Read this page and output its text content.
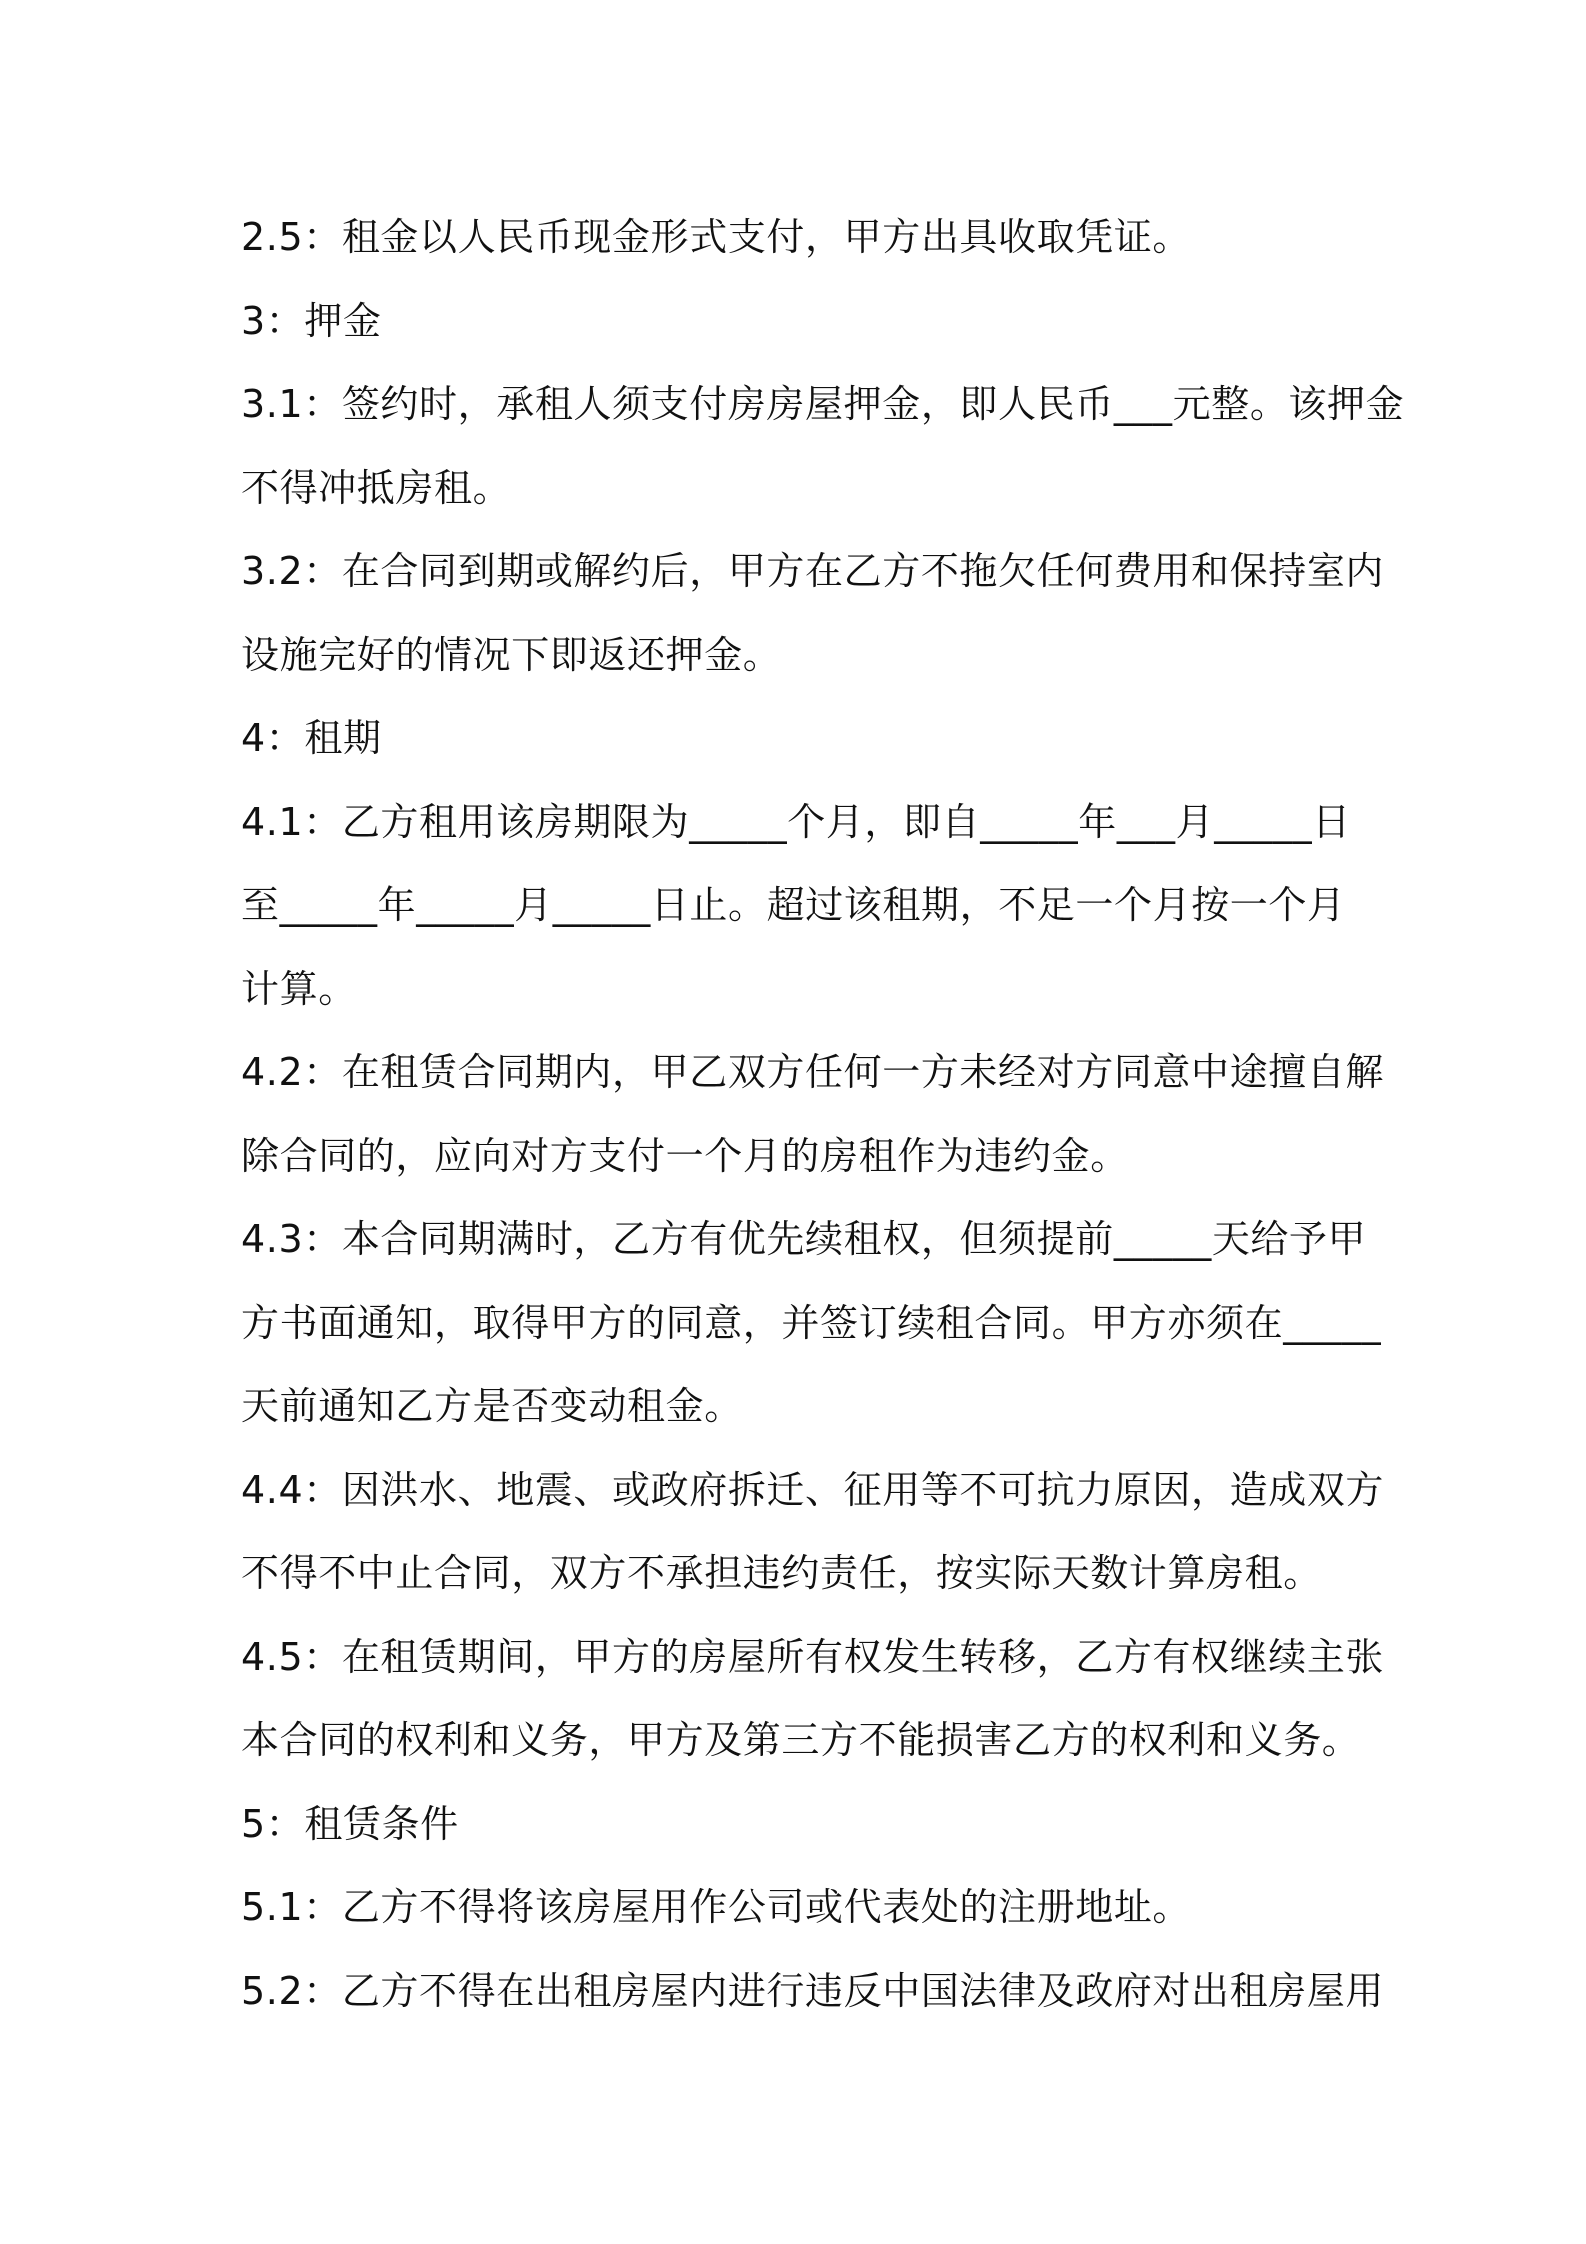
2.5：租金以人民币现金形式支付，甲方出具收取凭证。
3：押金
3.1：签约时，承租人须支付房房屋押金，即人民币___元整。该押金
不得冲抵房租。
3.2：在合同到期或解约后，甲方在乙方不拖欠任何费用和保持室内
设施完好的情况下即返还押金。
4：租期
4.1：乙方租用该房期限为_____个月，即自_____年___月_____日
至_____年_____月_____日止。超过该租期，不足一个月按一个月
计算。
4.2：在租赁合同期内，甲乙双方任何一方未经对方同意中途擅自解
除合同的，应向对方支付一个月的房租作为违约金。
4.3：本合同期满时，乙方有优先续租权，但须提前_____天给予甲
方书面通知，取得甲方的同意，并签订续租合同。甲方亦须在_____
天前通知乙方是否变动租金。
4.4：因洪水、地震、或政府拆迁、征用等不可抗力原因，造成双方
不得不中止合同，双方不承担违约责任，按实际天数计算房租。
4.5：在租赁期间，甲方的房屋所有权发生转移，乙方有权继续主张
本合同的权利和义务，甲方及第三方不能损害乙方的权利和义务。
5：租赁条件
5.1：乙方不得将该房屋用作公司或代表处的注册地址。
5.2：乙方不得在出租房屋内进行违反中国法律及政府对出租房屋用
